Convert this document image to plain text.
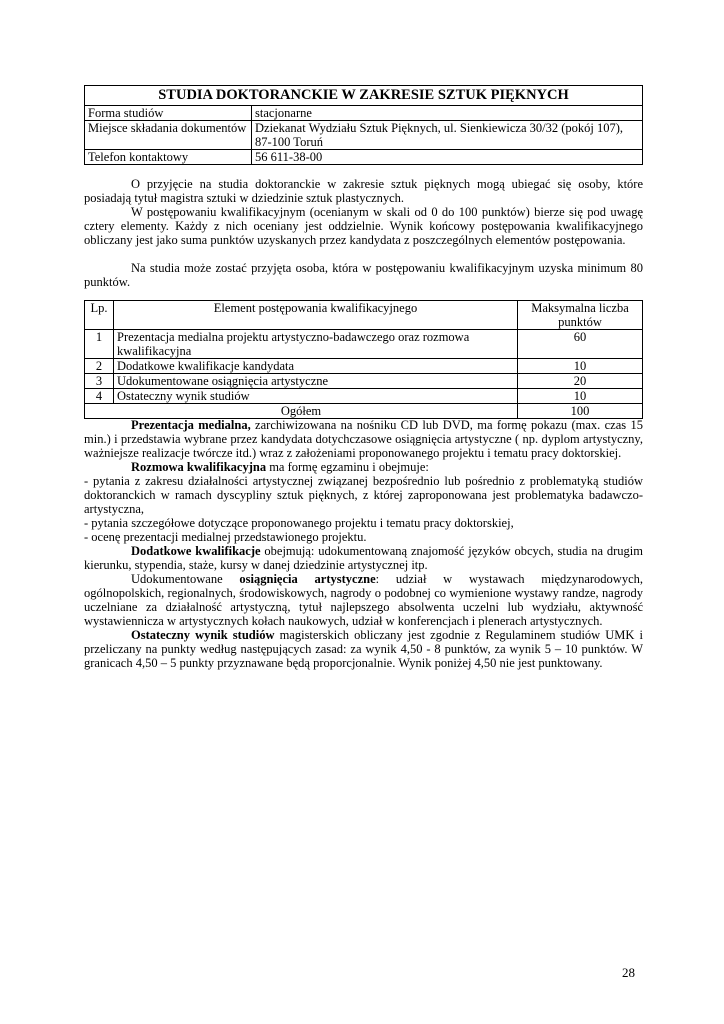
STUDIA DOKTORANCKIE W ZAKRESIE SZTUK PIĘKNYCH	
Forma studiów	stacjonarne
Miejsce składania dokumentów	Dziekanat Wydziału Sztuk Pięknych, ul. Sienkiewicza 30/32 (pokój 107), 87-100 Toruń
Telefon kontaktowy	56 611-38-00

O przyjęcie na studia doktoranckie w zakresie sztuk pięknych mogą ubiegać się osoby, które posiadają tytuł magistra sztuki w dziedzinie sztuk plastycznych.

W postępowaniu kwalifikacyjnym (ocenianym w skali od 0 do 100 punktów) bierze się pod uwagę cztery elementy. Każdy z nich oceniany jest oddzielnie. Wynik końcowy postępowania kwalifikacyjnego obliczany jest jako suma punktów uzyskanych przez kandydata z poszczególnych elementów postępowania.

Na studia może zostać przyjęta osoba, która w postępowaniu kwalifikacyjnym uzyska minimum 80 punktów.

Lp.	Element postępowania kwalifikacyjnego	Maksymalna liczba punktów
1	Prezentacja medialna projektu artystyczno-badawczego oraz rozmowa kwalifikacyjna	60
2	Dodatkowe kwalifikacje kandydata	10
3	Udokumentowane osiągnięcia artystyczne	20
4	Ostateczny wynik studiów	10
Ogółem		100

Prezentacja medialna, zarchiwizowana na nośniku CD lub DVD, ma formę pokazu (max. czas 15 min.) i przedstawia wybrane przez kandydata dotychczasowe osiągnięcia artystyczne ( np. dyplom artystyczny, ważniejsze realizacje twórcze itd.) wraz z założeniami proponowanego projektu i tematu pracy doktorskiej.

Rozmowa kwalifikacyjna ma formę egzaminu i obejmuje:

- pytania z zakresu działalności artystycznej związanej bezpośrednio lub pośrednio z problematyką studiów doktoranckich w ramach dyscypliny sztuk pięknych, z której zaproponowana jest problematyka badawczo-artystyczna,

- pytania szczegółowe dotyczące proponowanego projektu i tematu pracy doktorskiej,

- ocenę prezentacji medialnej przedstawionego projektu.

Dodatkowe kwalifikacje obejmują: udokumentowaną znajomość języków obcych, studia na drugim kierunku, stypendia, staże, kursy w danej dziedzinie artystycznej itp.

Udokumentowane osiągnięcia artystyczne: udział w wystawach międzynarodowych, ogólnopolskich, regionalnych, środowiskowych, nagrody o podobnej co wymienione wystawy randze, nagrody uczelniane za działalność artystyczną, tytuł najlepszego absolwenta uczelni lub wydziału, aktywność wystawiennicza w artystycznych kołach naukowych, udział w konferencjach i plenerach artystycznych.

Ostateczny wynik studiów magisterskich obliczany jest zgodnie z Regulaminem studiów UMK i przeliczany na punkty według następujących zasad: za wynik 4,50 - 8 punktów, za wynik 5 – 10 punktów. W granicach 4,50 – 5 punkty przyznawane będą proporcjonalnie. Wynik poniżej 4,50 nie jest punktowany.

28
